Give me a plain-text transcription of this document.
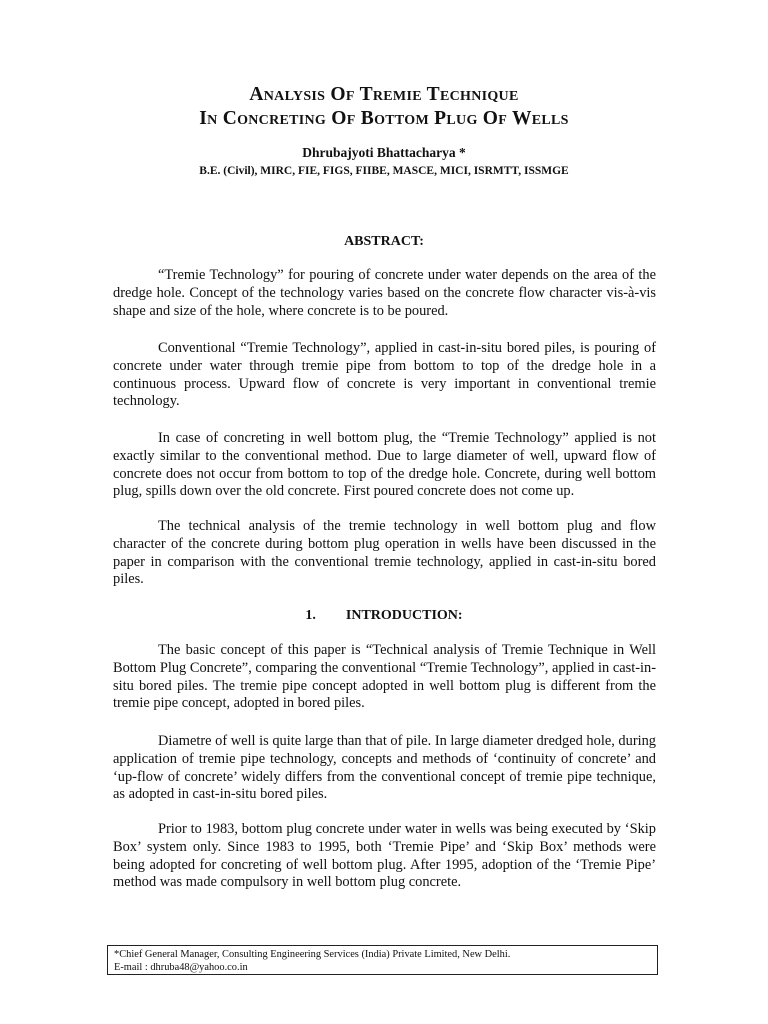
Analysis Of Tremie Technique
In Concreting Of Bottom Plug Of Wells
Dhrubajyoti Bhattacharya *
B.E. (Civil), MIRC, FIE, FIGS, FIIBE, MASCE, MICI, ISRMTT, ISSMGE
ABSTRACT:

“Tremie Technology” for pouring of concrete under water depends on the area of the dredge hole. Concept of the technology varies based on the concrete flow character vis-à-vis shape and size of the hole, where concrete is to be poured.

Conventional “Tremie Technology”, applied in cast-in-situ bored piles, is pouring of concrete under water through tremie pipe from bottom to top of the dredge hole in a continuous process. Upward flow of concrete is very important in conventional tremie technology.

In case of concreting in well bottom plug, the “Tremie Technology” applied is not exactly similar to the conventional method. Due to large diameter of well, upward flow of concrete does not occur from bottom to top of the dredge hole. Concrete, during well bottom plug, spills down over the old concrete. First poured concrete does not come up.

The technical analysis of the tremie technology in well bottom plug and flow character of the concrete during bottom plug operation in wells have been discussed in the paper in comparison with the conventional tremie technology, applied in cast-in-situ bored piles.

1. INTRODUCTION:

The basic concept of this paper is “Technical analysis of Tremie Technique in Well Bottom Plug Concrete”, comparing the conventional “Tremie Technology”, applied in cast-in-situ bored piles. The tremie pipe concept adopted in well bottom plug is different from the tremie pipe concept, adopted in bored piles.

Diametre of well is quite large than that of pile. In large diameter dredged hole, during application of tremie pipe technology, concepts and methods of ‘continuity of concrete’ and ‘up-flow of concrete’ widely differs from the conventional concept of tremie pipe technique, as adopted in cast-in-situ bored piles.

Prior to 1983, bottom plug concrete under water in wells was being executed by ‘Skip Box’ system only. Since 1983 to 1995, both ‘Tremie Pipe’ and ‘Skip Box’ methods were being adopted for concreting of well bottom plug. After 1995, adoption of the ‘Tremie Pipe’ method was made compulsory in well bottom plug concrete.

*Chief General Manager, Consulting Engineering Services (India) Private Limited, New Delhi.
E-mail : dhruba48@yahoo.co.in
